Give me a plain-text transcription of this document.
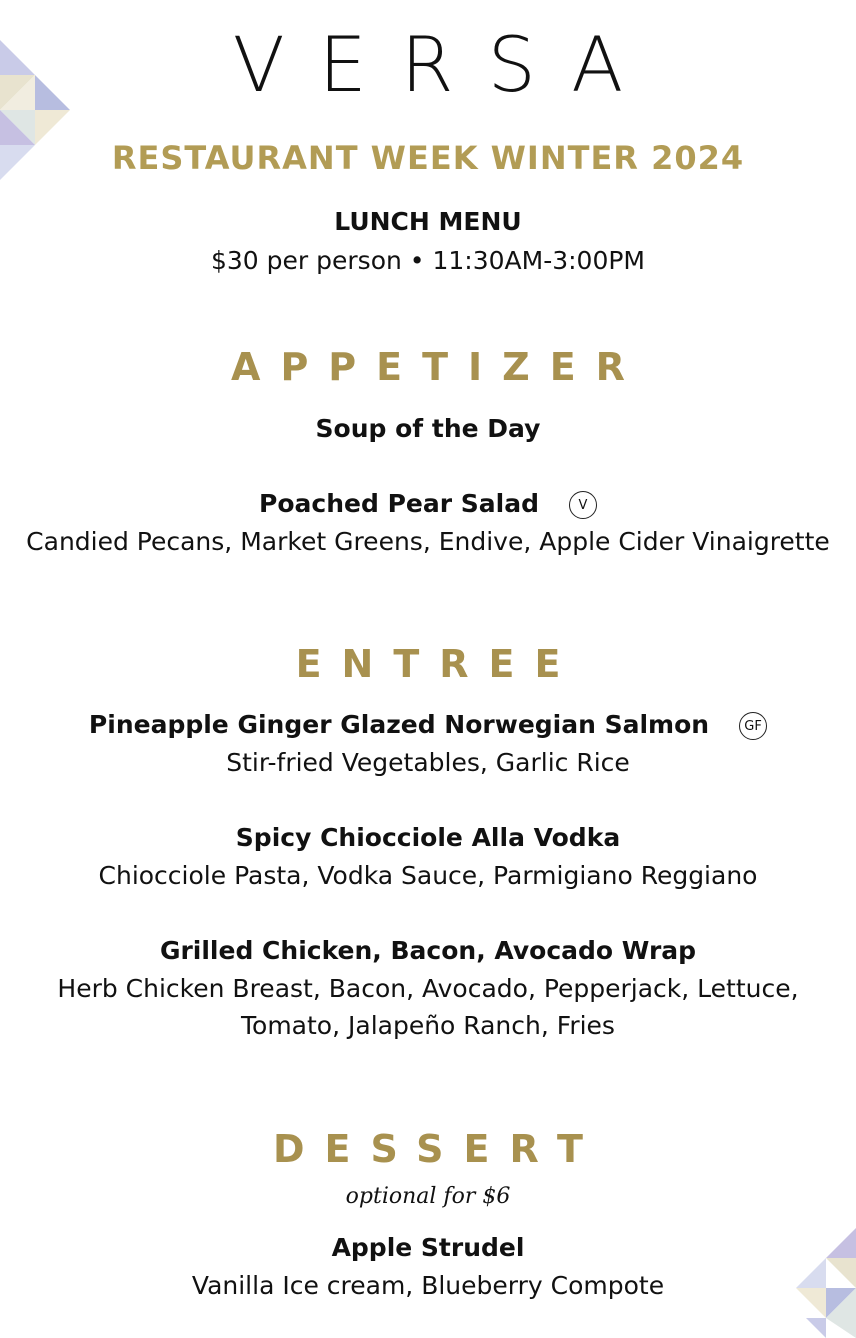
VERSA
RESTAURANT WEEK WINTER 2024
LUNCH MENU
$30 per person • 11:30AM-3:00PM
APPETIZER
Soup of the Day
Poached Pear Salad	V
Candied Pecans, Market Greens, Endive, Apple Cider Vinaigrette
ENTREE
Pineapple Ginger Glazed Norwegian Salmon	GF
Stir-fried Vegetables, Garlic Rice
Spicy Chiocciole Alla Vodka
Chiocciole Pasta, Vodka Sauce, Parmigiano Reggiano
Grilled Chicken, Bacon, Avocado Wrap
Herb Chicken Breast, Bacon, Avocado, Pepperjack, Lettuce,
Tomato, Jalapeño Ranch, Fries
DESSERT
optional for $6
Apple Strudel
Vanilla Ice cream, Blueberry Compote
